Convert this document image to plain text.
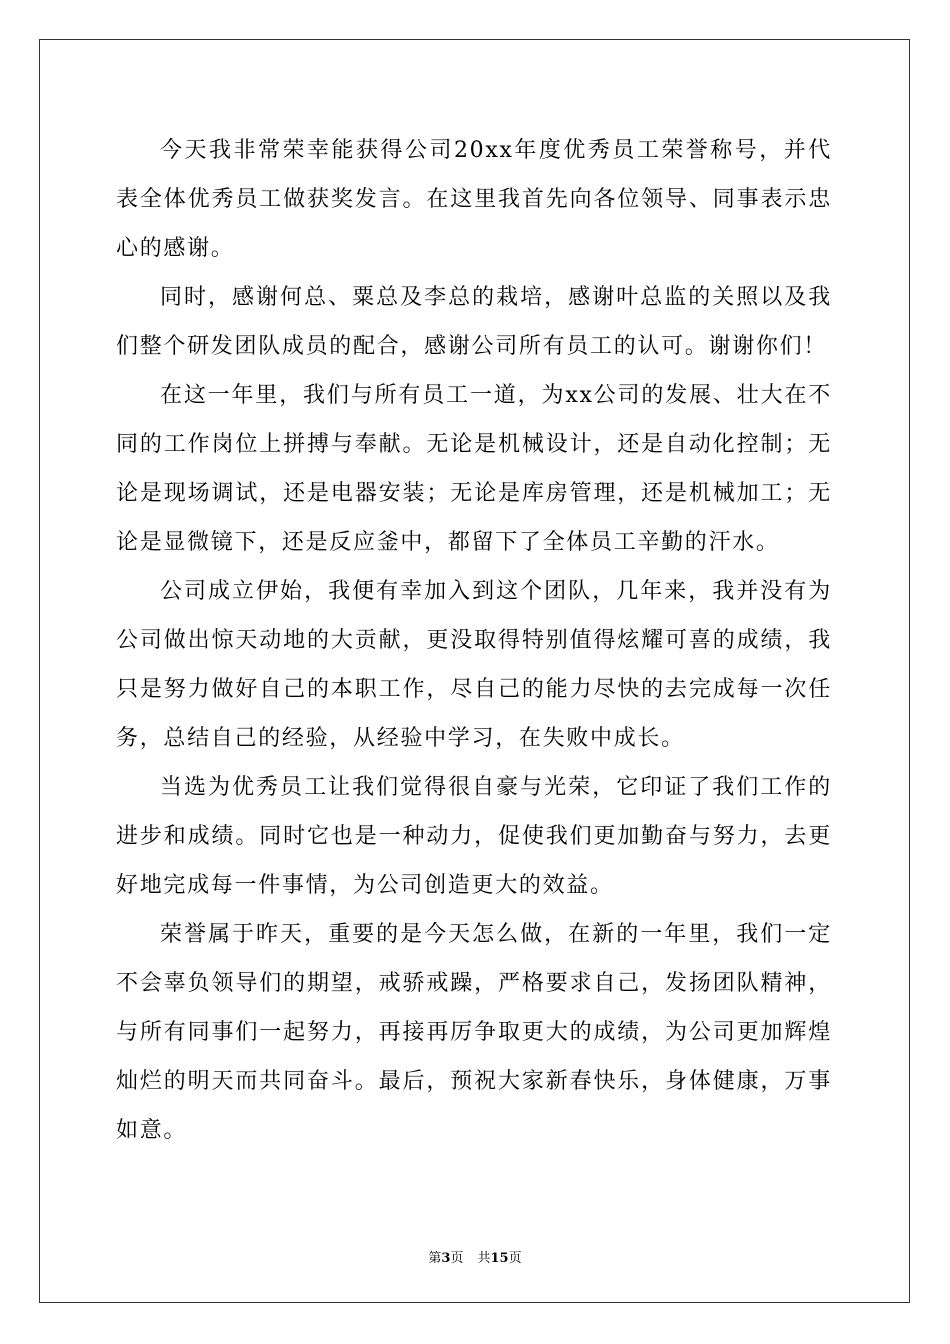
今天我非常荣幸能获得公司20xx年度优秀员工荣誉称号，并代表全体优秀员工做获奖发言。在这里我首先向各位领导、同事表示忠心的感谢。

同时，感谢何总、粟总及李总的栽培，感谢叶总监的关照以及我们整个研发团队成员的配合，感谢公司所有员工的认可。谢谢你们！

在这一年里，我们与所有员工一道，为xx公司的发展、壮大在不同的工作岗位上拼搏与奉献。无论是机械设计，还是自动化控制；无论是现场调试，还是电器安装；无论是库房管理，还是机械加工；无论是显微镜下，还是反应釜中，都留下了全体员工辛勤的汗水。

公司成立伊始，我便有幸加入到这个团队，几年来，我并没有为公司做出惊天动地的大贡献，更没取得特别值得炫耀可喜的成绩，我只是努力做好自己的本职工作，尽自己的能力尽快的去完成每一次任务，总结自己的经验，从经验中学习，在失败中成长。

当选为优秀员工让我们觉得很自豪与光荣，它印证了我们工作的进步和成绩。同时它也是一种动力，促使我们更加勤奋与努力，去更好地完成每一件事情，为公司创造更大的效益。

荣誉属于昨天，重要的是今天怎么做，在新的一年里，我们一定不会辜负领导们的期望，戒骄戒躁，严格要求自己，发扬团队精神，与所有同事们一起努力，再接再厉争取更大的成绩，为公司更加辉煌灿烂的明天而共同奋斗。最后，预祝大家新春快乐，身体健康，万事如意。

第3页 共15页
